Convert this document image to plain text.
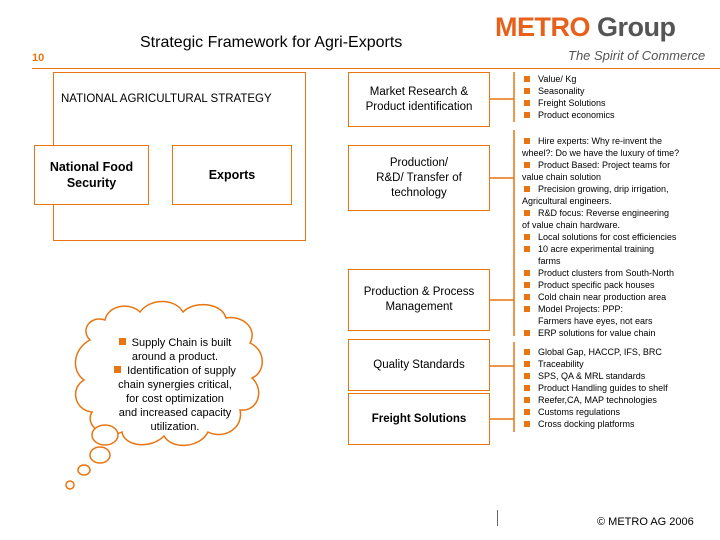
10
Strategic Framework for Agri-Exports
METRO Group
The Spirit of Commerce
NATIONAL AGRICULTURAL STRATEGY
National Food
Security
Exports
Supply Chain is built
around a product.
Identification of supply
chain synergies critical,
for cost optimization
and increased capacity
utilization.
Market Research &
Product identification
Production/
R&D/ Transfer of
technology
Production & Process
Management
Quality Standards
Freight Solutions
Value/ Kg
Seasonality
Freight Solutions
Product economics
Hire experts: Why re-invent the
wheel?: Do we have the luxury of time?
Product Based: Project teams for
value chain solution
Precision growing, drip irrigation,
Agricultural engineers.
R&D focus: Reverse engineering
of value chain hardware.
Local solutions for cost efficiencies
10 acre experimental training
farms
Product clusters from South-North
Product specific pack houses
Cold chain near production area
Model Projects: PPP:
Farmers have eyes, not ears
ERP solutions for value chain
Global Gap, HACCP, IFS, BRC
Traceability
SPS, QA & MRL standards
Product Handling guides to shelf
Reefer,CA, MAP technologies
Customs regulations
Cross docking platforms
© METRO AG 2006
